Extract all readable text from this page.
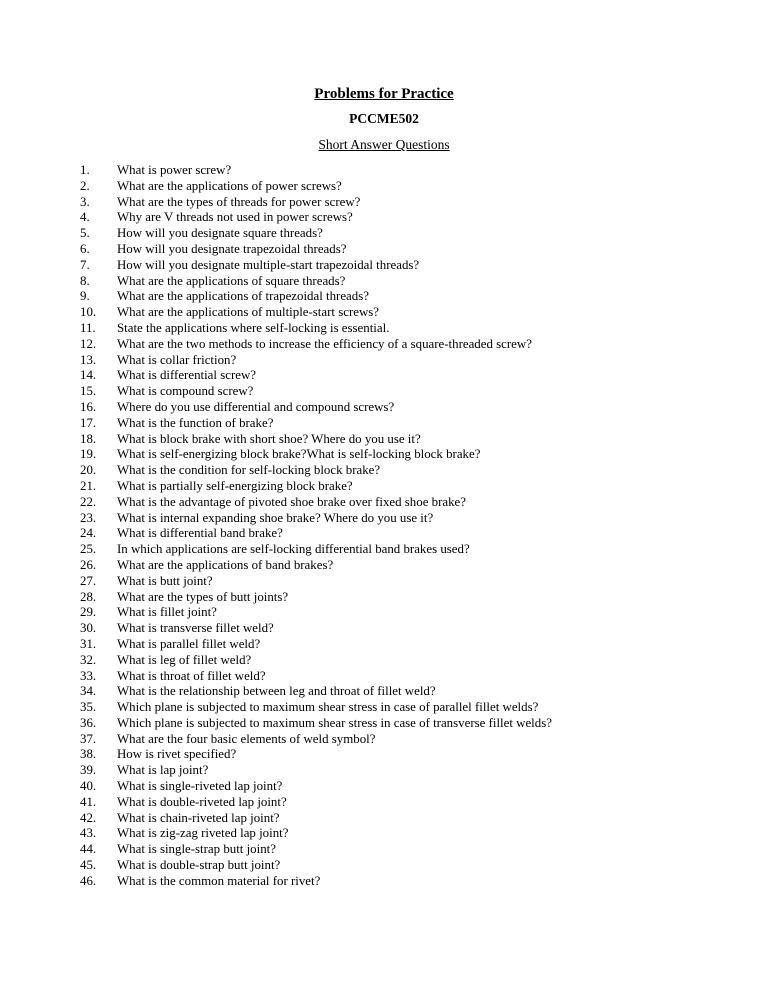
Problems for Practice
PCCME502
Short Answer Questions
1. What is power screw?
2. What are the applications of power screws?
3. What are the types of threads for power screw?
4. Why are V threads not used in power screws?
5. How will you designate square threads?
6. How will you designate trapezoidal threads?
7. How will you designate multiple-start trapezoidal threads?
8. What are the applications of square threads?
9. What are the applications of trapezoidal threads?
10. What are the applications of multiple-start screws?
11. State the applications where self-locking is essential.
12. What are the two methods to increase the efficiency of a square-threaded screw?
13. What is collar friction?
14. What is differential screw?
15. What is compound screw?
16. Where do you use differential and compound screws?
17. What is the function of brake?
18. What is block brake with short shoe? Where do you use it?
19. What is self-energizing block brake?What is self-locking block brake?
20. What is the condition for self-locking block brake?
21. What is partially self-energizing block brake?
22. What is the advantage of pivoted shoe brake over fixed shoe brake?
23. What is internal expanding shoe brake? Where do you use it?
24. What is differential band brake?
25. In which applications are self-locking differential band brakes used?
26. What are the applications of band brakes?
27. What is butt joint?
28. What are the types of butt joints?
29. What is fillet joint?
30. What is transverse fillet weld?
31. What is parallel fillet weld?
32. What is leg of fillet weld?
33. What is throat of fillet weld?
34. What is the relationship between leg and throat of fillet weld?
35. Which plane is subjected to maximum shear stress in case of parallel fillet welds?
36. Which plane is subjected to maximum shear stress in case of transverse fillet welds?
37. What are the four basic elements of weld symbol?
38. How is rivet specified?
39. What is lap joint?
40. What is single-riveted lap joint?
41. What is double-riveted lap joint?
42. What is chain-riveted lap joint?
43. What is zig-zag riveted lap joint?
44. What is single-strap butt joint?
45. What is double-strap butt joint?
46. What is the common material for rivet?
